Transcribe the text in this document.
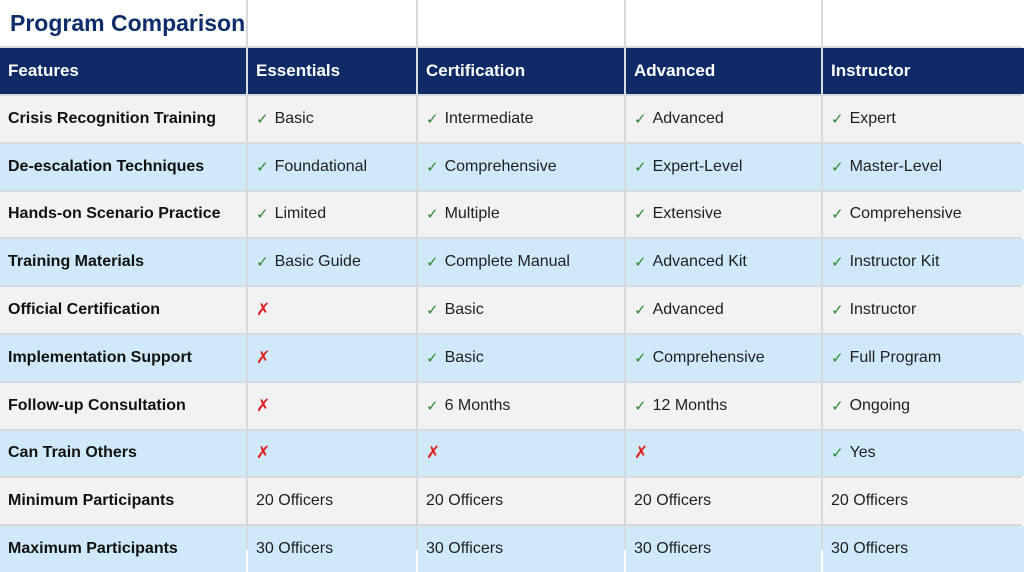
Program Comparison
Features	Essentials	Certification	Advanced	Instructor
Crisis Recognition Training	✓ Basic	✓ Intermediate	✓ Advanced	✓ Expert
De-escalation Techniques	✓ Foundational	✓ Comprehensive	✓ Expert-Level	✓ Master-Level
Hands-on Scenario Practice	✓ Limited	✓ Multiple	✓ Extensive	✓ Comprehensive
Training Materials	✓ Basic Guide	✓ Complete Manual	✓ Advanced Kit	✓ Instructor Kit
Official Certification	✗	✓ Basic	✓ Advanced	✓ Instructor
Implementation Support	✗	✓ Basic	✓ Comprehensive	✓ Full Program
Follow-up Consultation	✗	✓ 6 Months	✓ 12 Months	✓ Ongoing
Can Train Others	✗	✗	✗	✓ Yes
Minimum Participants	20 Officers	20 Officers	20 Officers	20 Officers
Maximum Participants	30 Officers	30 Officers	30 Officers	30 Officers
